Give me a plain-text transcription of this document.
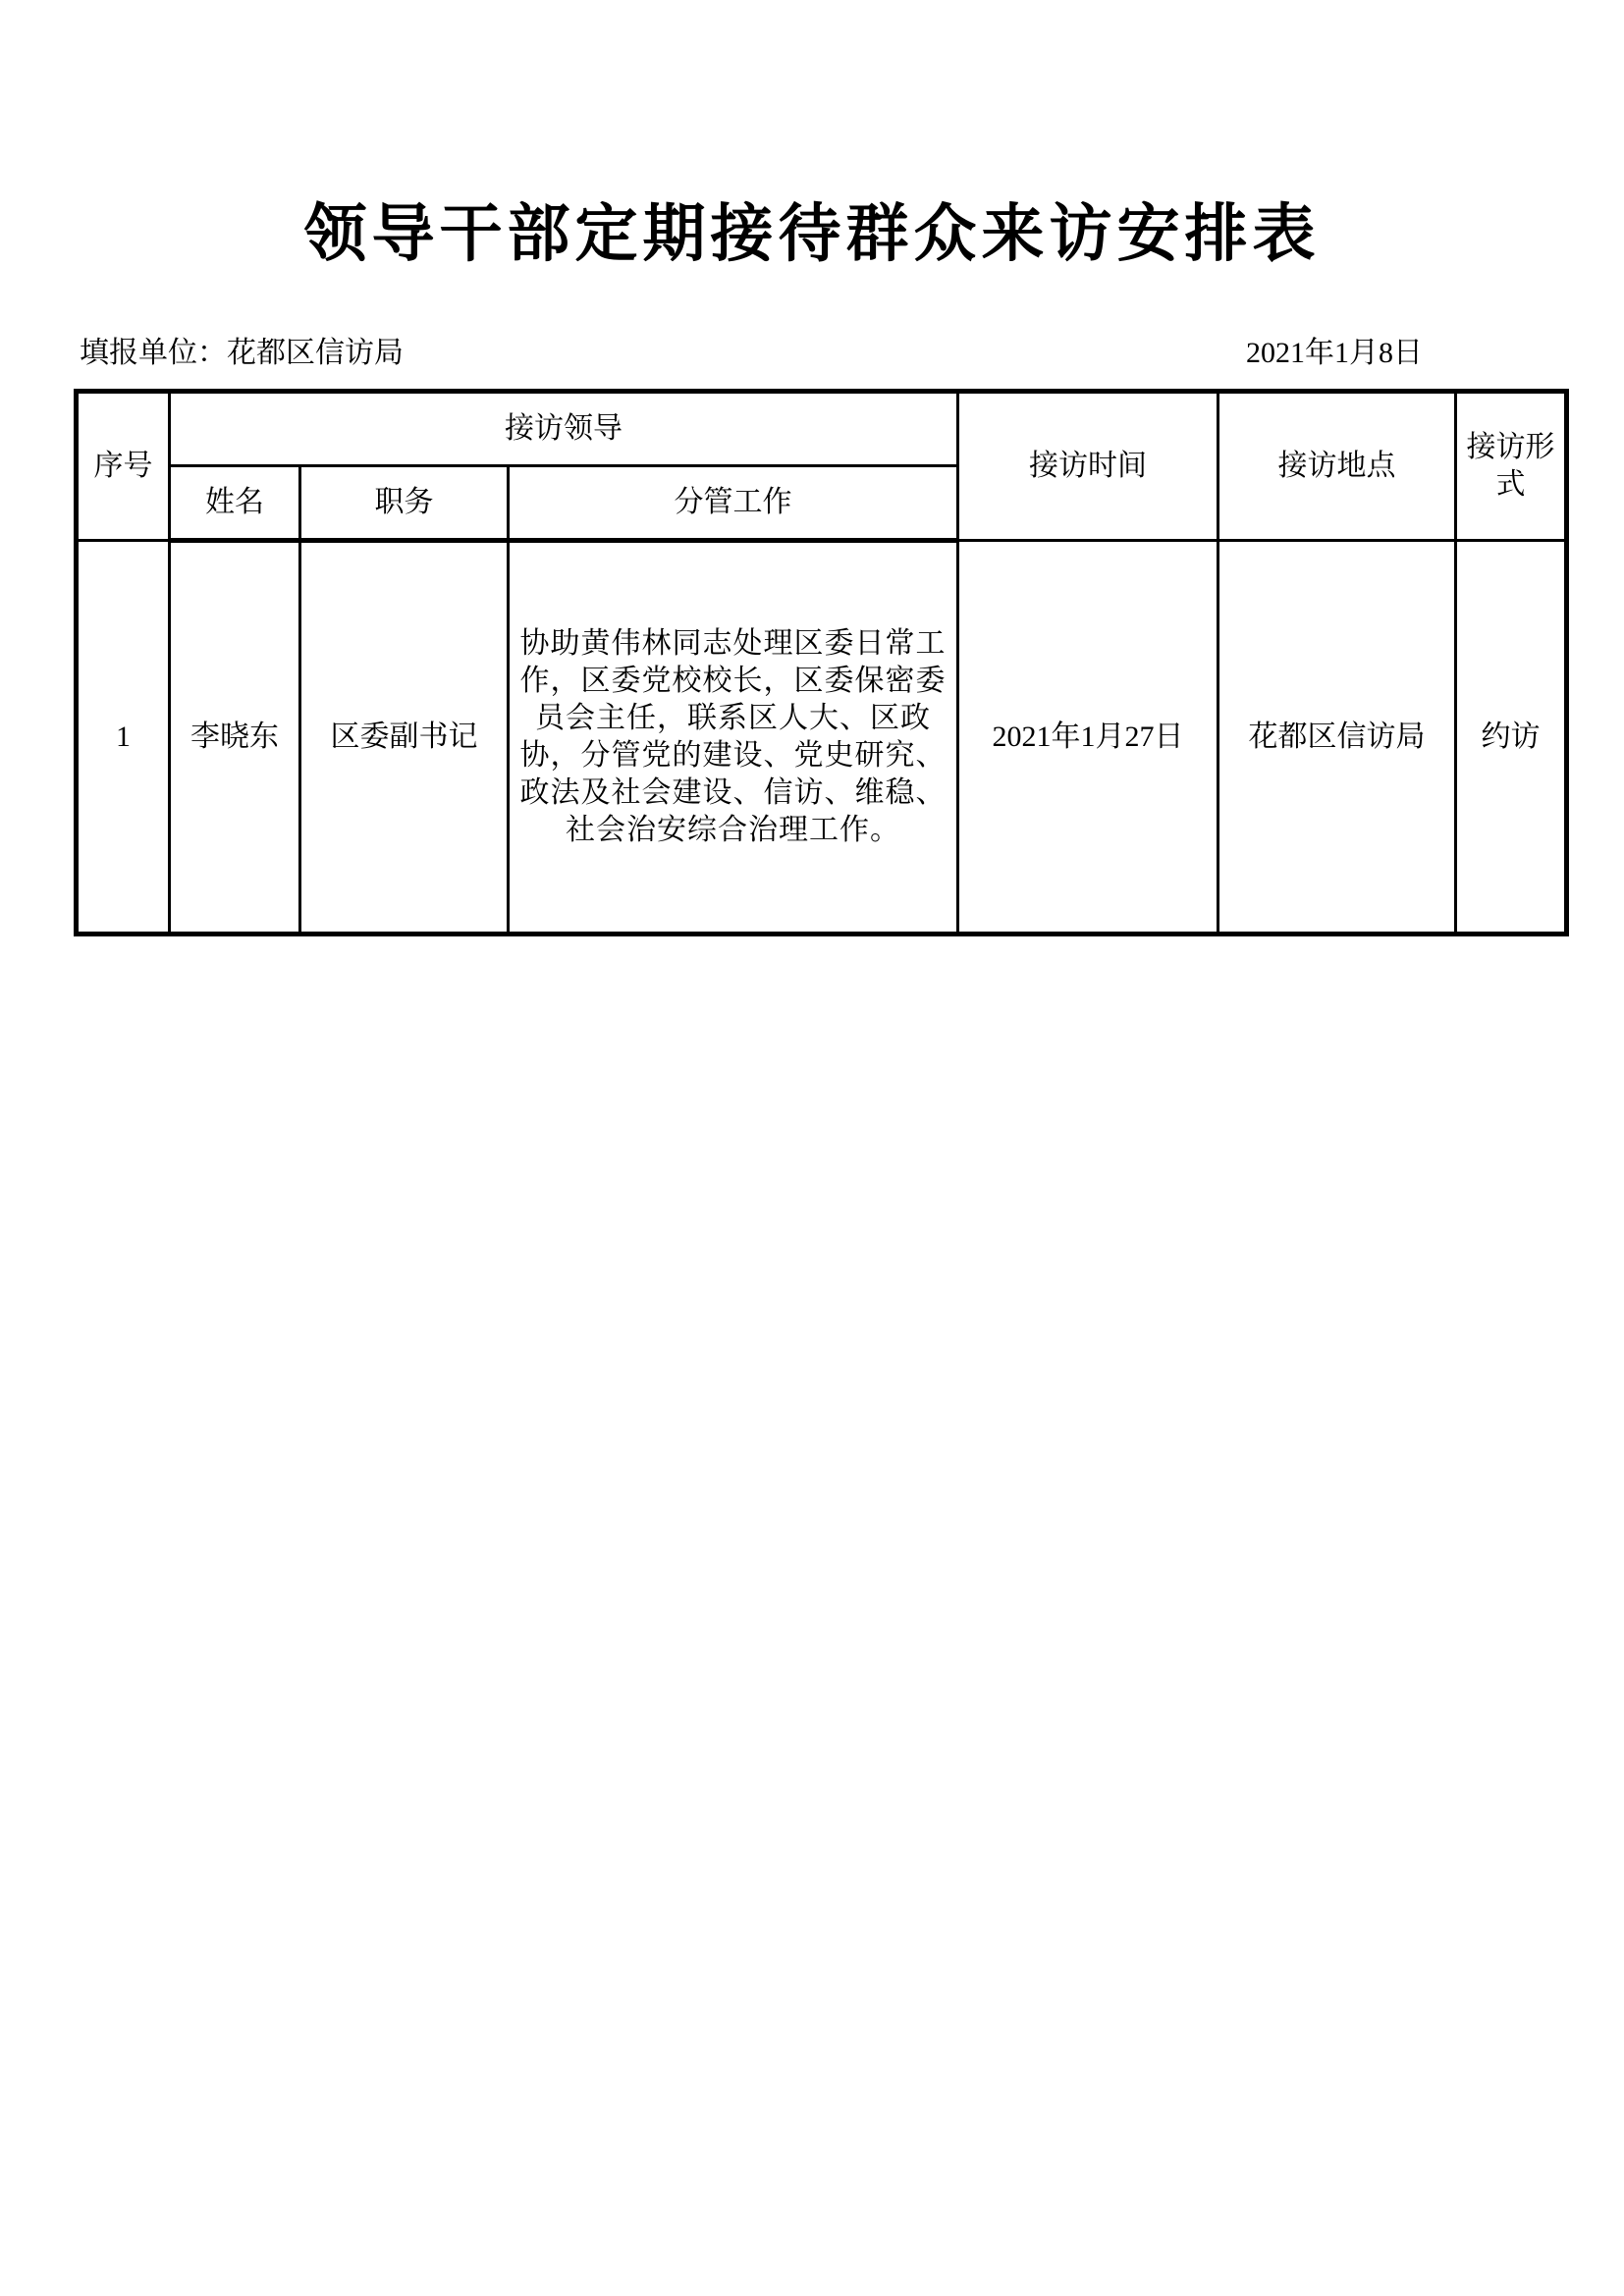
领导干部定期接待群众来访安排表
填报单位：花都区信访局	2021年1月8日
序号	接访领导			接访时间	接访地点	接访形式
	姓名	职务	分管工作			
1	李晓东	区委副书记	协助黄伟林同志处理区委日常工作，区委党校校长，区委保密委员会主任，联系区人大、区政协，分管党的建设、党史研究、政法及社会建设、信访、维稳、社会治安综合治理工作。	2021年1月27日	花都区信访局	约访
